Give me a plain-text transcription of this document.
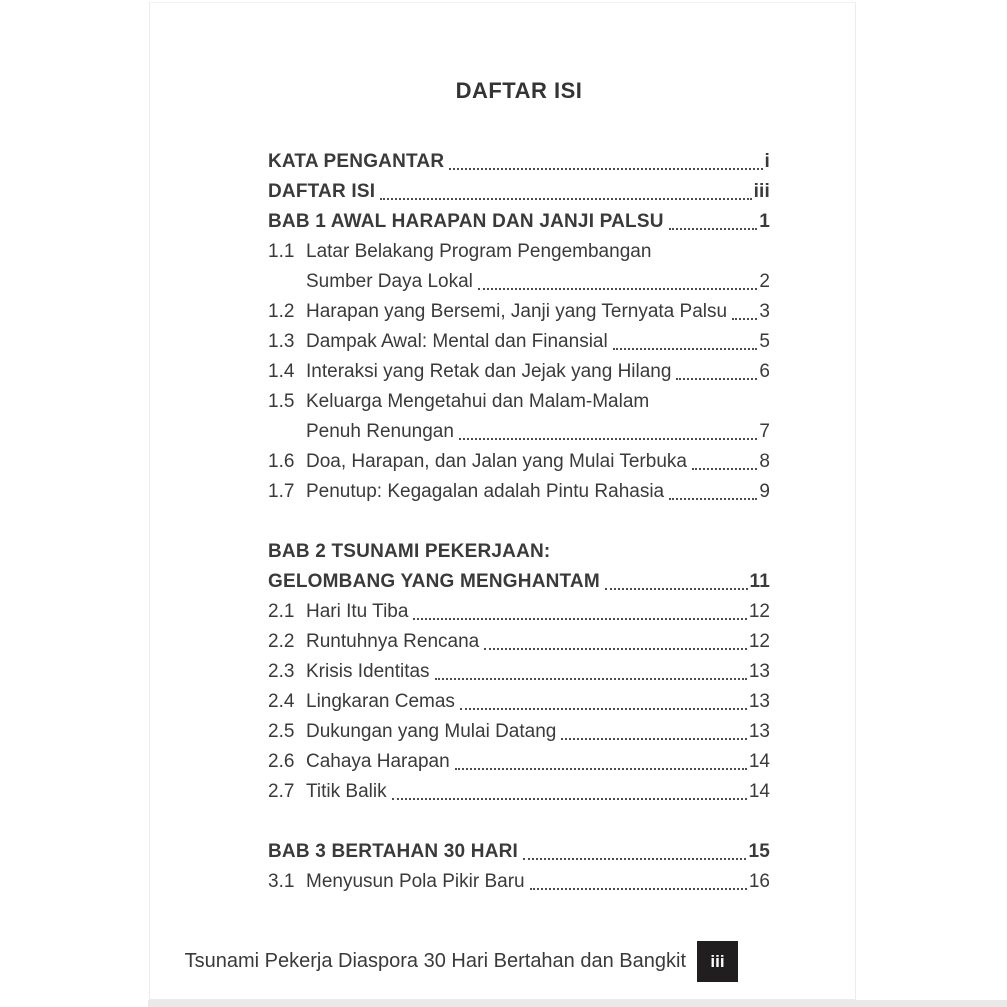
DAFTAR ISI
KATA PENGANTAR	i
DAFTAR ISI	iii
BAB 1 AWAL HARAPAN DAN JANJI PALSU	1
1.1 Latar Belakang Program Pengembangan
Sumber Daya Lokal	2
1.2 Harapan yang Bersemi, Janji yang Ternyata Palsu 3
1.3 Dampak Awal: Mental dan Finansial	5
1.4 Interaksi yang Retak dan Jejak yang Hilang	6
1.5 Keluarga Mengetahui dan Malam-Malam
Penuh Renungan	7
1.6 Doa, Harapan, dan Jalan yang Mulai Terbuka	8
1.7 Penutup: Kegagalan adalah Pintu Rahasia	9
BAB 2 TSUNAMI PEKERJAAN:
GELOMBANG YANG MENGHANTAM	11
2.1 Hari Itu Tiba	12
2.2 Runtuhnya Rencana	12
2.3 Krisis Identitas	13
2.4 Lingkaran Cemas	13
2.5 Dukungan yang Mulai Datang	13
2.6 Cahaya Harapan	14
2.7 Titik Balik	14
BAB 3 BERTAHAN 30 HARI	15
3.1 Menyusun Pola Pikir Baru	16
Tsunami Pekerja Diaspora 30 Hari Bertahan dan Bangkit	iii
